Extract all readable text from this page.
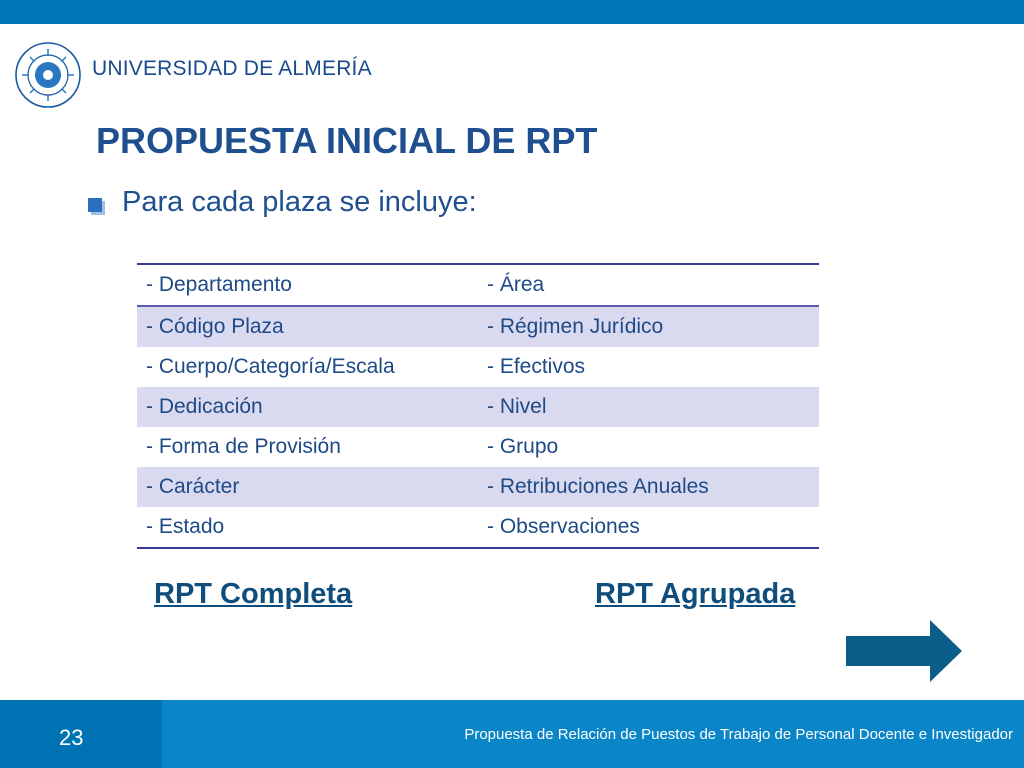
UNIVERSIDAD DE ALMERÍA
PROPUESTA INICIAL DE RPT
Para cada plaza se incluye:
- Departamento	- Área
- Código Plaza	- Régimen Jurídico
- Cuerpo/Categoría/Escala	- Efectivos
- Dedicación	- Nivel
- Forma de Provisión	- Grupo
- Carácter	- Retribuciones Anuales
- Estado	- Observaciones
RPT Completa	RPT Agrupada
23	Propuesta de Relación de Puestos de Trabajo de Personal Docente e Investigador
